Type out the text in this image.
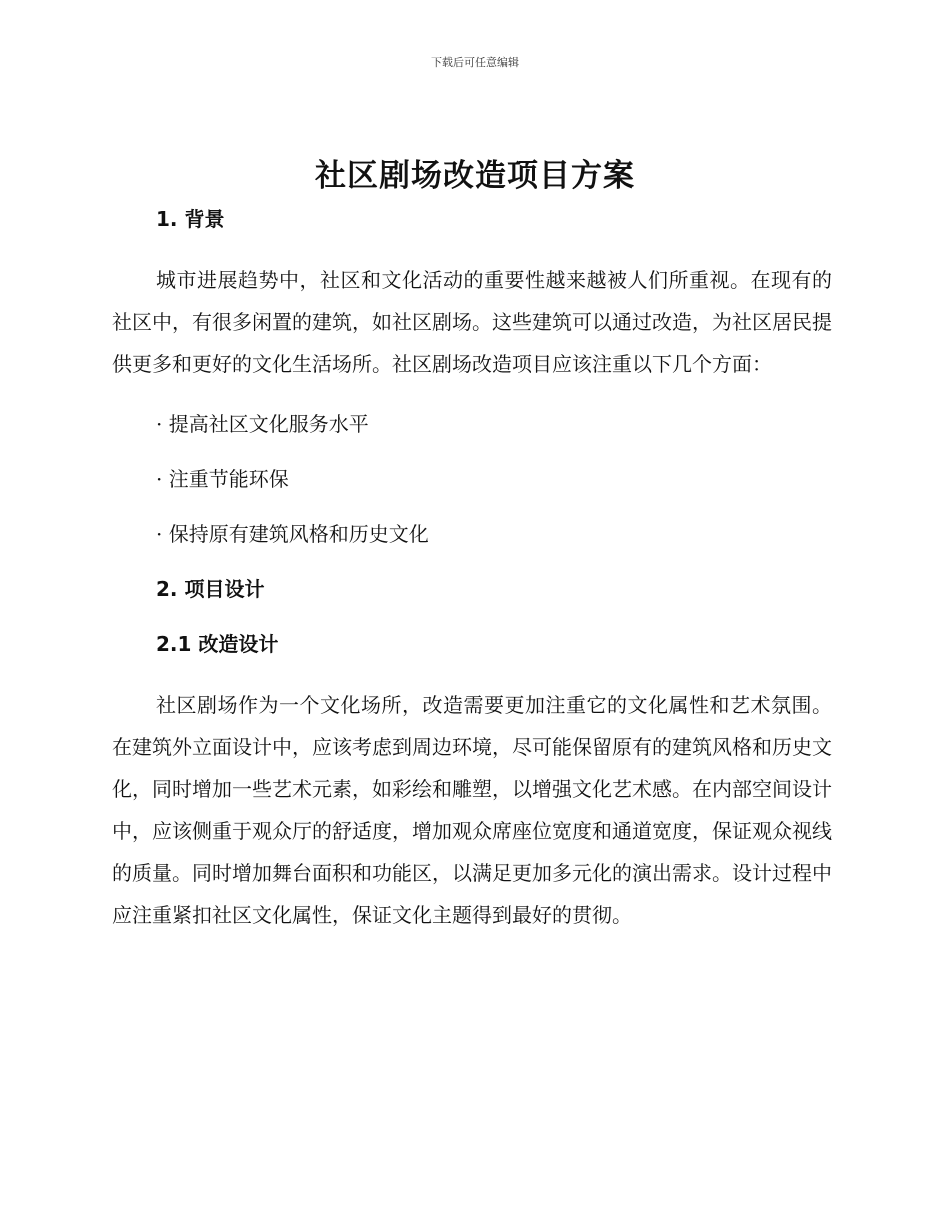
下载后可任意编辑
社区剧场改造项目方案
1. 背景

城市进展趋势中，社区和文化活动的重要性越来越被人们所重视。在现有的社区中，有很多闲置的建筑，如社区剧场。这些建筑可以通过改造，为社区居民提供更多和更好的文化生活场所。社区剧场改造项目应该注重以下几个方面：

· 提高社区文化服务水平

· 注重节能环保

· 保持原有建筑风格和历史文化

2. 项目设计
2.1 改造设计

社区剧场作为一个文化场所，改造需要更加注重它的文化属性和艺术氛围。在建筑外立面设计中，应该考虑到周边环境，尽可能保留原有的建筑风格和历史文化，同时增加一些艺术元素，如彩绘和雕塑，以增强文化艺术感。在内部空间设计中，应该侧重于观众厅的舒适度，增加观众席座位宽度和通道宽度，保证观众视线的质量。同时增加舞台面积和功能区，以满足更加多元化的演出需求。设计过程中应注重紧扣社区文化属性，保证文化主题得到最好的贯彻。
